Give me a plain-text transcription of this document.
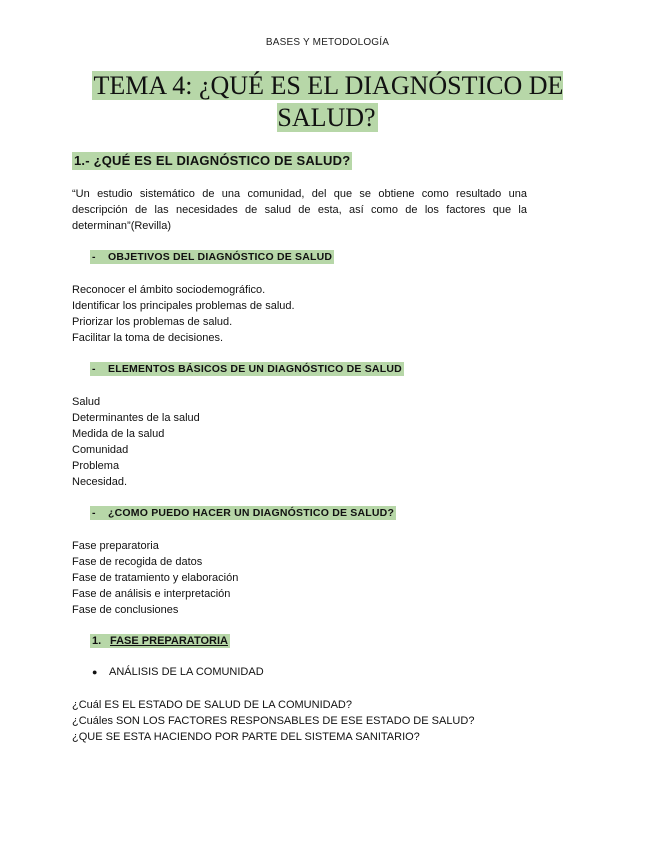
BASES Y METODOLOGÍA
TEMA 4: ¿QUÉ ES EL DIAGNÓSTICO DE SALUD?
1.- ¿QUÉ ES EL DIAGNÓSTICO DE SALUD?
“Un estudio sistemático de una comunidad, del que se obtiene como resultado una descripción de las necesidades de salud de esta, así como de los factores que la determinan”(Revilla)
- OBJETIVOS DEL DIAGNÓSTICO DE SALUD
Reconocer el ámbito sociodemográfico.
Identificar los principales problemas de salud.
Priorizar los problemas de salud.
Facilitar la toma de decisiones.
- ELEMENTOS BÁSICOS DE UN DIAGNÓSTICO DE SALUD
Salud
Determinantes de la salud
Medida de la salud
Comunidad
Problema
Necesidad.
- ¿COMO PUEDO HACER UN DIAGNÓSTICO DE SALUD?
Fase preparatoria
Fase de recogida de datos
Fase de tratamiento y elaboración
Fase de análisis e interpretación
Fase de conclusiones
1. FASE PREPARATORIA
● ANÁLISIS DE LA COMUNIDAD
¿Cuál ES EL ESTADO DE SALUD DE LA COMUNIDAD?
¿Cuáles SON LOS FACTORES RESPONSABLES DE ESE ESTADO DE SALUD?
¿QUE SE ESTA HACIENDO POR PARTE DEL SISTEMA SANITARIO?
